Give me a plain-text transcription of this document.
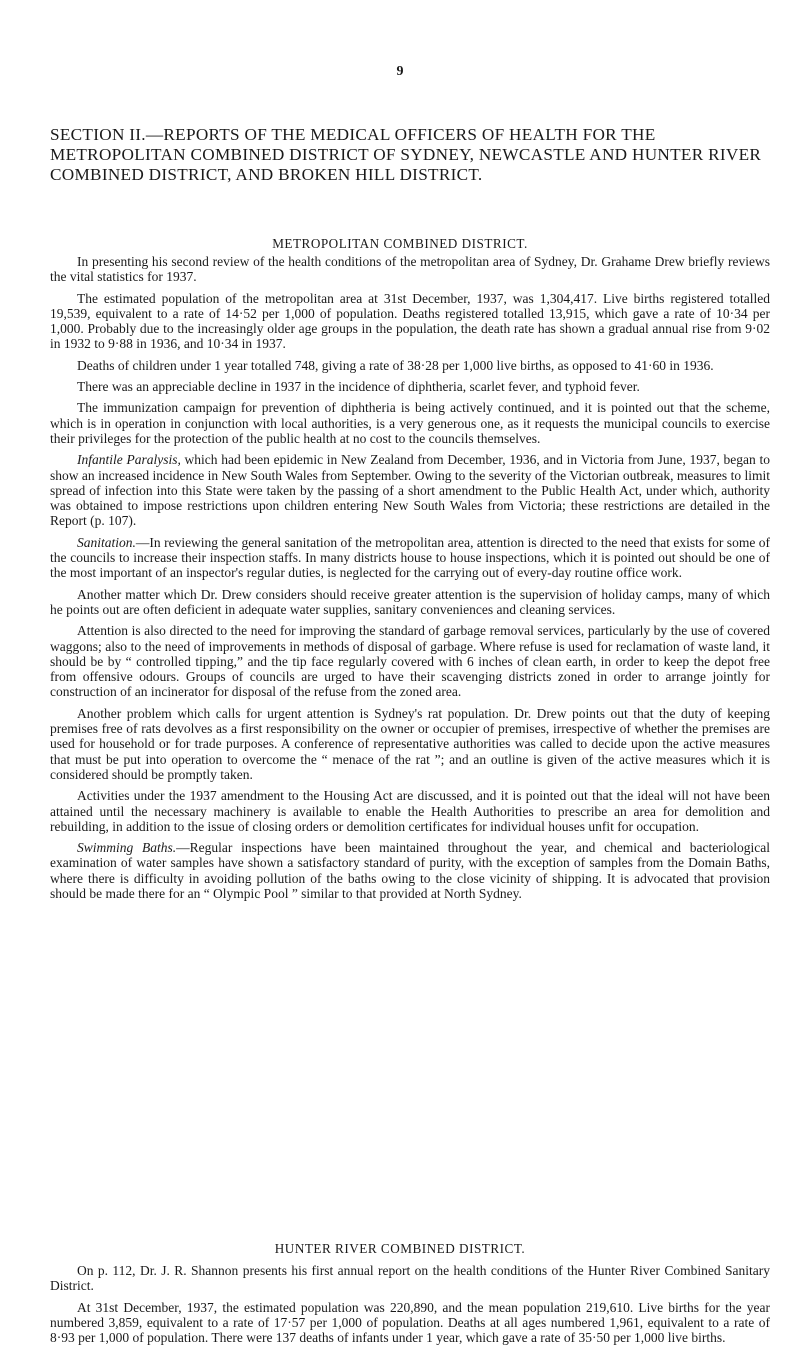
9
SECTION II.—REPORTS OF THE MEDICAL OFFICERS OF HEALTH FOR THE METROPOLITAN COMBINED DISTRICT OF SYDNEY, NEWCASTLE AND HUNTER RIVER COMBINED DISTRICT, AND BROKEN HILL DISTRICT.
METROPOLITAN COMBINED DISTRICT.

In presenting his second review of the health conditions of the metropolitan area of Sydney, Dr. Grahame Drew briefly reviews the vital statistics for 1937.

The estimated population of the metropolitan area at 31st December, 1937, was 1,304,417. Live births registered totalled 19,539, equivalent to a rate of 14·52 per 1,000 of population. Deaths registered totalled 13,915, which gave a rate of 10·34 per 1,000. Probably due to the increasingly older age groups in the population, the death rate has shown a gradual annual rise from 9·02 in 1932 to 9·88 in 1936, and 10·34 in 1937.

Deaths of children under 1 year totalled 748, giving a rate of 38·28 per 1,000 live births, as opposed to 41·60 in 1936.

There was an appreciable decline in 1937 in the incidence of diphtheria, scarlet fever, and typhoid fever.

The immunization campaign for prevention of diphtheria is being actively continued, and it is pointed out that the scheme, which is in operation in conjunction with local authorities, is a very generous one, as it requests the municipal councils to exercise their privileges for the protection of the public health at no cost to the councils themselves.

Infantile Paralysis, which had been epidemic in New Zealand from December, 1936, and in Victoria from June, 1937, began to show an increased incidence in New South Wales from September. Owing to the severity of the Victorian outbreak, measures to limit spread of infection into this State were taken by the passing of a short amendment to the Public Health Act, under which, authority was obtained to impose restrictions upon children entering New South Wales from Victoria; these restrictions are detailed in the Report (p. 107).

Sanitation.—In reviewing the general sanitation of the metropolitan area, attention is directed to the need that exists for some of the councils to increase their inspection staffs. In many districts house to house inspections, which it is pointed out should be one of the most important of an inspector's regular duties, is neglected for the carrying out of every-day routine office work.

Another matter which Dr. Drew considers should receive greater attention is the supervision of holiday camps, many of which he points out are often deficient in adequate water supplies, sanitary conveniences and cleaning services.

Attention is also directed to the need for improving the standard of garbage removal services, particularly by the use of covered waggons; also to the need of improvements in methods of disposal of garbage. Where refuse is used for reclamation of waste land, it should be by “ controlled tipping,” and the tip face regularly covered with 6 inches of clean earth, in order to keep the depot free from offensive odours. Groups of councils are urged to have their scavenging districts zoned in order to arrange jointly for construction of an incinerator for disposal of the refuse from the zoned area.

Another problem which calls for urgent attention is Sydney's rat population. Dr. Drew points out that the duty of keeping premises free of rats devolves as a first responsibility on the owner or occupier of premises, irrespective of whether the premises are used for household or for trade purposes. A conference of representative authorities was called to decide upon the active measures that must be put into operation to overcome the “ menace of the rat ”; and an outline is given of the active measures which it is considered should be promptly taken.

Activities under the 1937 amendment to the Housing Act are discussed, and it is pointed out that the ideal will not have been attained until the necessary machinery is available to enable the Health Authorities to prescribe an area for demolition and rebuilding, in addition to the issue of closing orders or demolition certificates for individual houses unfit for occupation.

Swimming Baths.—Regular inspections have been maintained throughout the year, and chemical and bacteriological examination of water samples have shown a satisfactory standard of purity, with the exception of samples from the Domain Baths, where there is difficulty in avoiding pollution of the baths owing to the close vicinity of shipping. It is advocated that provision should be made there for an “ Olympic Pool ” similar to that provided at North Sydney.

HUNTER RIVER COMBINED DISTRICT.

On p. 112, Dr. J. R. Shannon presents his first annual report on the health conditions of the Hunter River Combined Sanitary District.

At 31st December, 1937, the estimated population was 220,890, and the mean population 219,610. Live births for the year numbered 3,859, equivalent to a rate of 17·57 per 1,000 of population. Deaths at all ages numbered 1,961, equivalent to a rate of 8·93 per 1,000 of population. There were 137 deaths of infants under 1 year, which gave a rate of 35·50 per 1,000 live births.
